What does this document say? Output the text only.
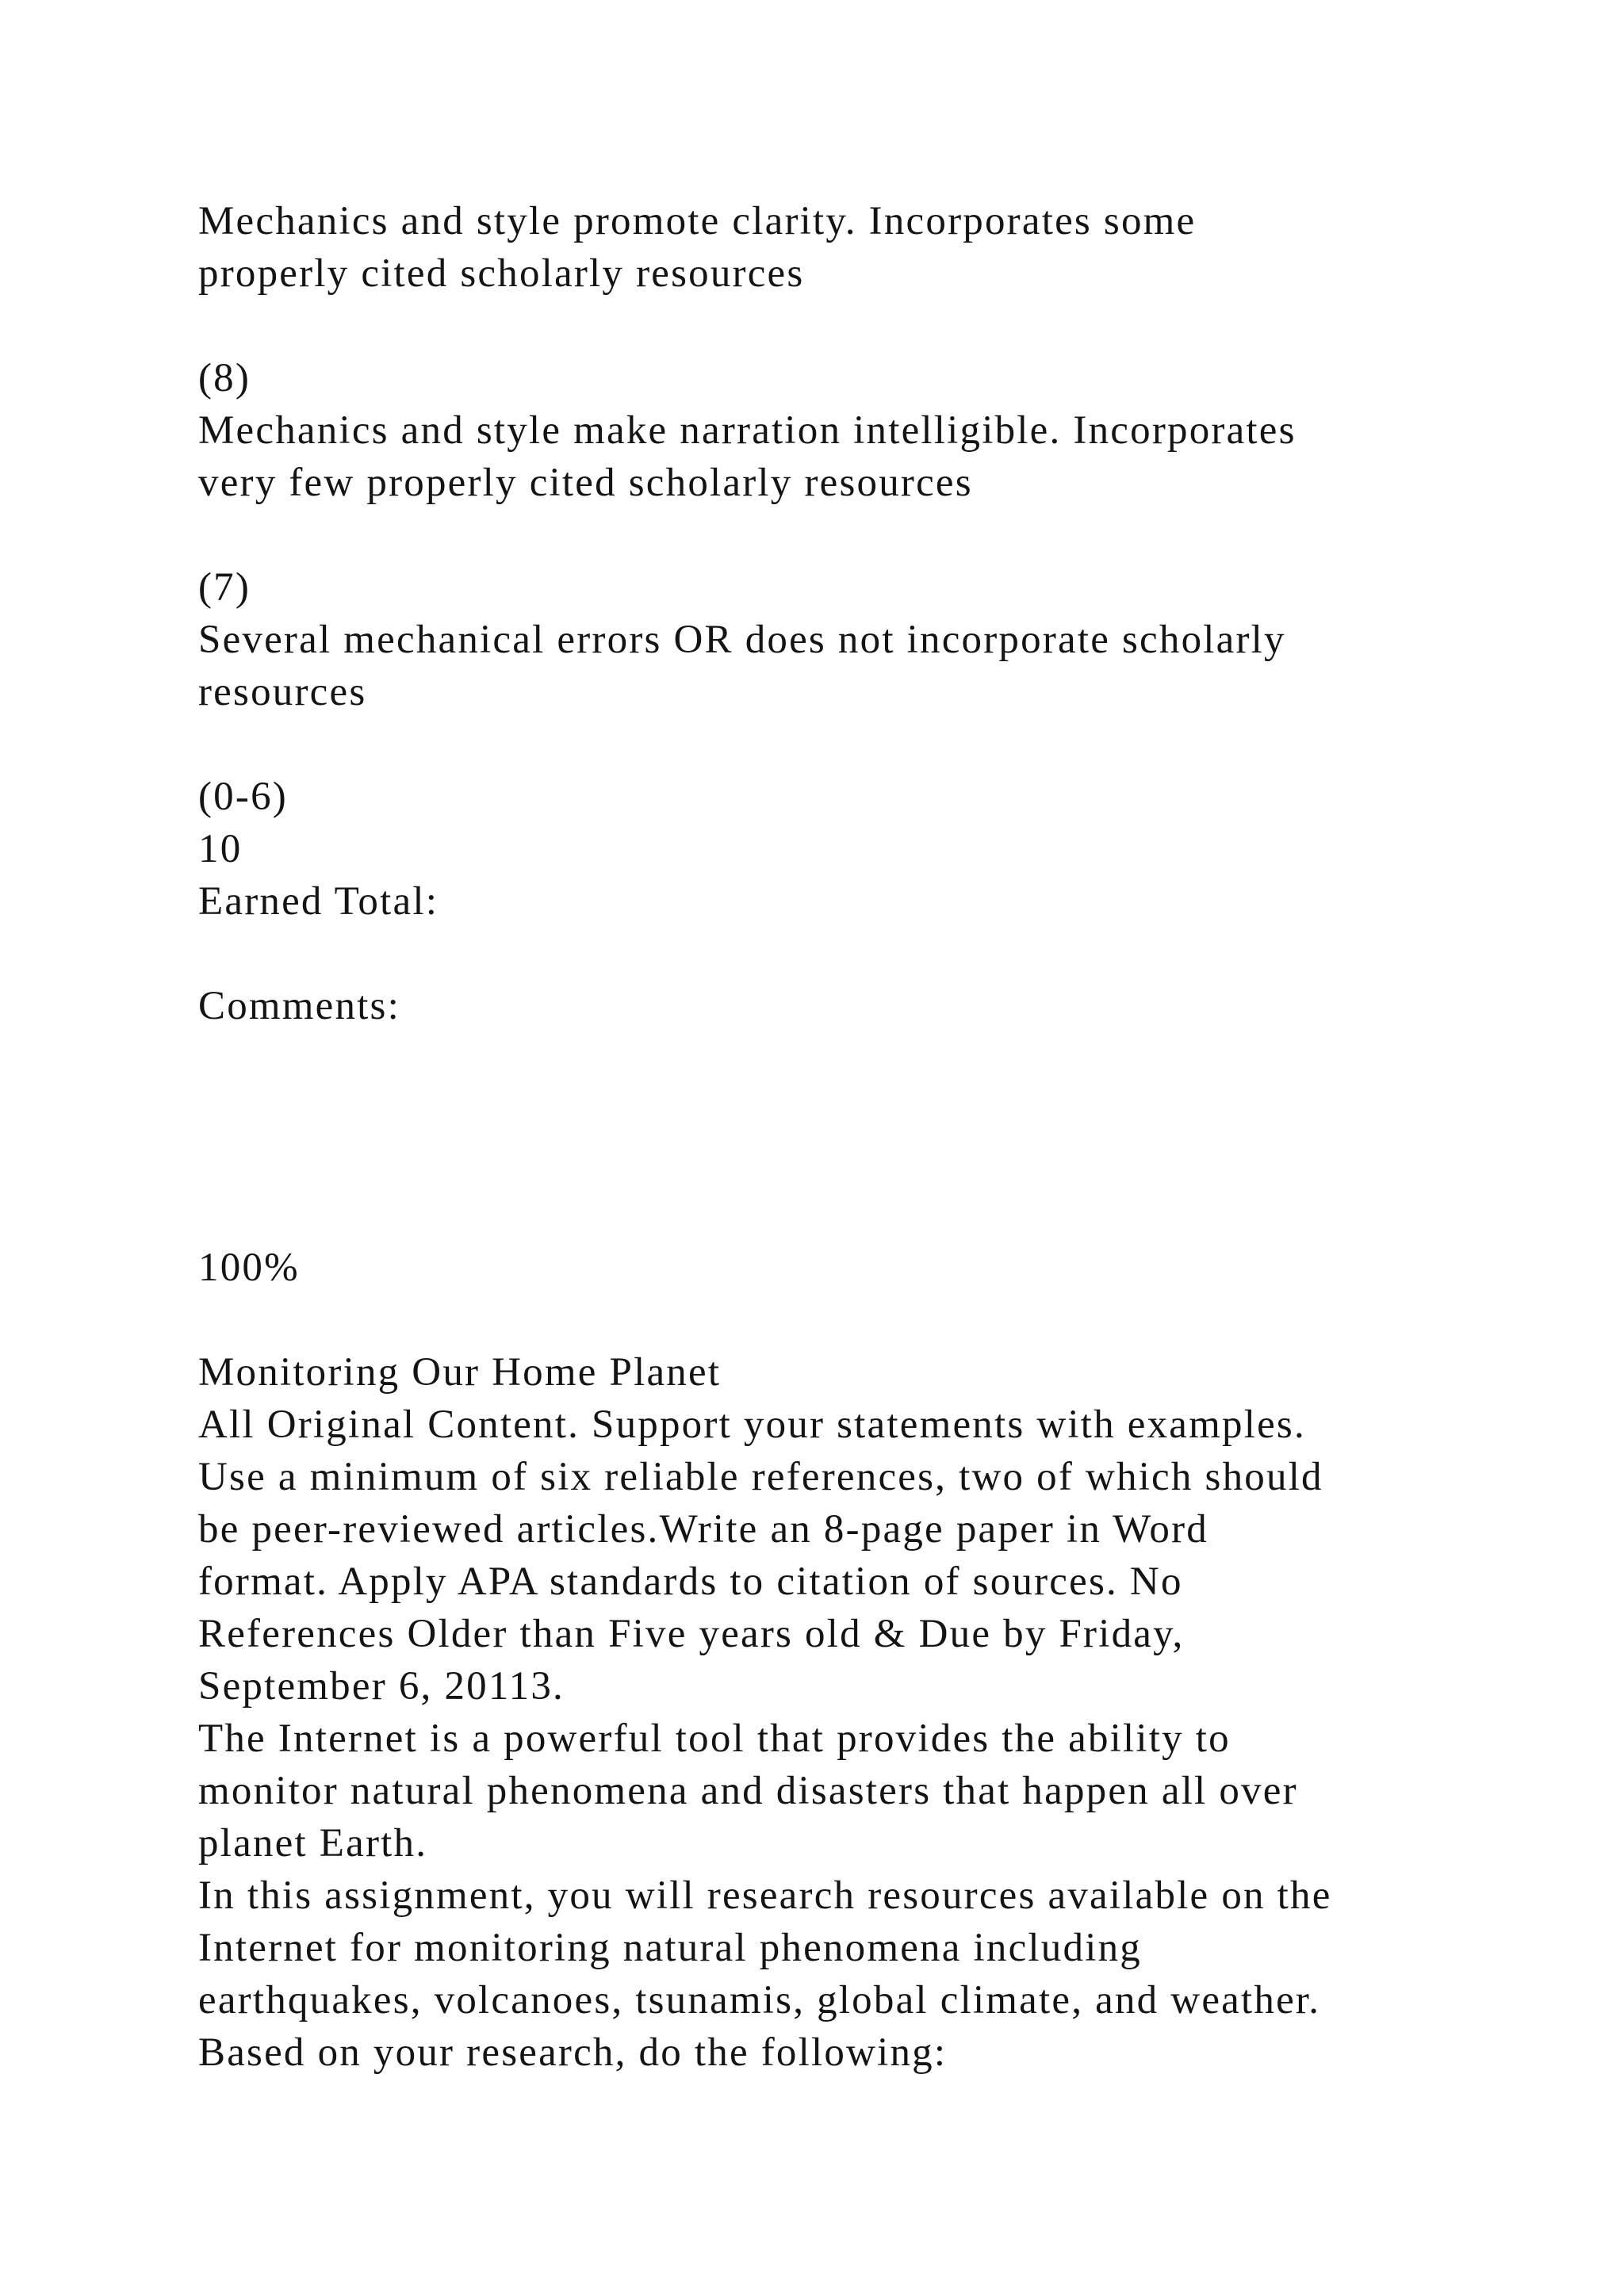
Mechanics and style promote clarity. Incorporates some
properly cited scholarly resources
(8)
Mechanics and style make narration intelligible. Incorporates
very few properly cited scholarly resources
(7)
Several mechanical errors OR does not incorporate scholarly
resources
(0-6)
10
Earned Total:
Comments:
100%
Monitoring Our Home Planet
All Original Content. Support your statements with examples.
Use a minimum of six reliable references, two of which should
be peer-reviewed articles.Write an 8-page paper in Word
format. Apply APA standards to citation of sources. No
References Older than Five years old & Due by Friday,
September 6, 20113.
The Internet is a powerful tool that provides the ability to
monitor natural phenomena and disasters that happen all over
planet Earth.
In this assignment, you will research resources available on the
Internet for monitoring natural phenomena including
earthquakes, volcanoes, tsunamis, global climate, and weather.
Based on your research, do the following:
